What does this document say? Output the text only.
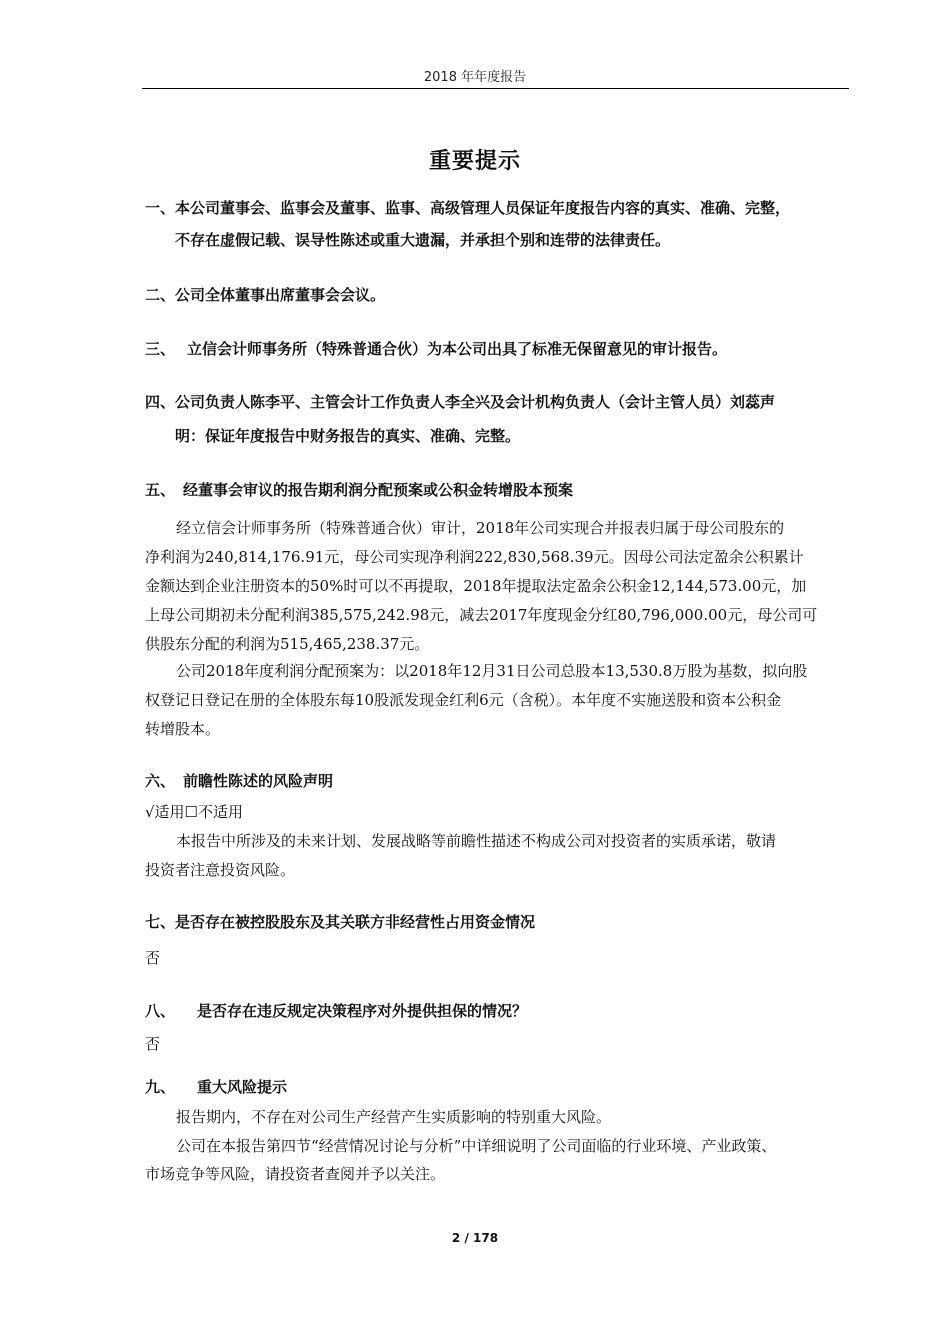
2018 年年度报告
重要提示
一、本公司董事会、监事会及董事、监事、高级管理人员保证年度报告内容的真实、准确、完整，
不存在虚假记载、误导性陈述或重大遗漏，并承担个别和连带的法律责任。
二、公司全体董事出席董事会会议。
三、 立信会计师事务所（特殊普通合伙）为本公司出具了标准无保留意见的审计报告。
四、公司负责人陈李平、主管会计工作负责人李全兴及会计机构负责人（会计主管人员）刘蕊声
明：保证年度报告中财务报告的真实、准确、完整。
五、 经董事会审议的报告期利润分配预案或公积金转增股本预案
经立信会计师事务所（特殊普通合伙）审计，2018年公司实现合并报表归属于母公司股东的
净利润为240,814,176.91元，母公司实现净利润222,830,568.39元。因母公司法定盈余公积累计
金额达到企业注册资本的50%时可以不再提取，2018年提取法定盈余公积金12,144,573.00元，加
上母公司期初未分配利润385,575,242.98元，减去2017年度现金分红80,796,000.00元，母公司可
供股东分配的利润为515,465,238.37元。
公司2018年度利润分配预案为：以2018年12月31日公司总股本13,530.8万股为基数，拟向股
权登记日登记在册的全体股东每10股派发现金红利6元（含税）。本年度不实施送股和资本公积金
转增股本。
六、 前瞻性陈述的风险声明
√适用☐不适用
本报告中所涉及的未来计划、发展战略等前瞻性描述不构成公司对投资者的实质承诺，敬请
投资者注意投资风险。
七、是否存在被控股股东及其关联方非经营性占用资金情况
否
八、 是否存在违反规定决策程序对外提供担保的情况？
否
九、 重大风险提示
报告期内，不存在对公司生产经营产生实质影响的特别重大风险。
公司在本报告第四节“经营情况讨论与分析”中详细说明了公司面临的行业环境、产业政策、
市场竞争等风险，请投资者查阅并予以关注。
2 / 178
